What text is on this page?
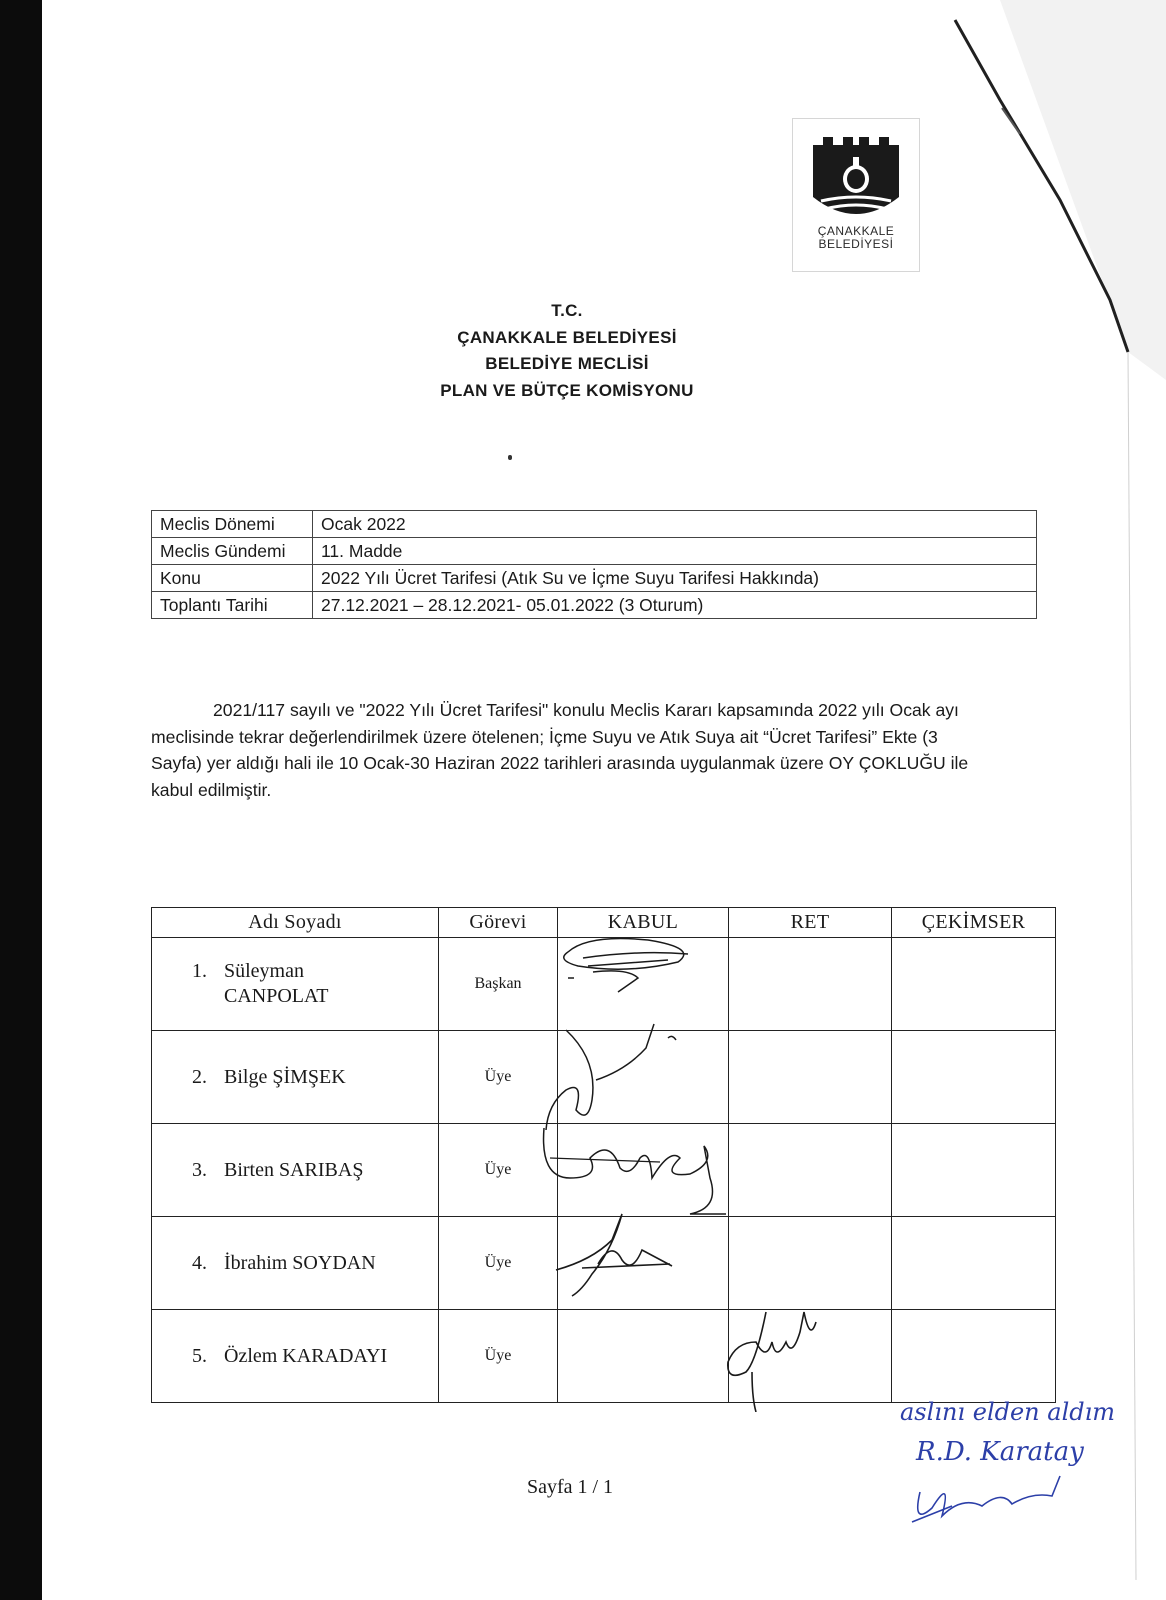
ÇANAKKALE
BELEDİYESİ
T.C.
ÇANAKKALE BELEDİYESİ
BELEDİYE MECLİSİ
PLAN VE BÜTÇE KOMİSYONU
Meclis Dönemi	Ocak 2022
Meclis Gündemi	11. Madde
Konu	2022 Yılı Ücret Tarifesi (Atık Su ve İçme Suyu Tarifesi Hakkında)
Toplantı Tarihi	27.12.2021 – 28.12.2021- 05.01.2022 (3 Oturum)
2021/117 sayılı ve "2022 Yılı Ücret Tarifesi" konulu Meclis Kararı kapsamında 2022 yılı Ocak ayı
meclisinde tekrar değerlendirilmek üzere ötelenen; İçme Suyu ve Atık Suya ait “Ücret Tarifesi” Ekte (3
Sayfa) yer aldığı hali ile 10 Ocak-30 Haziran 2022 tarihleri arasında uygulanmak üzere OY ÇOKLUĞU ile
kabul edilmiştir.
Adı Soyadı	Görevi	KABUL	RET	ÇEKİMSER
1. Süleyman
CANPOLAT	Başkan			
2. Bilge ŞİMŞEK	Üye			
3. Birten SARIBAŞ	Üye			
4. İbrahim SOYDAN	Üye			
5. Özlem KARADAYI	Üye			
Sayfa 1 / 1
aslını elden aldım
R.D. Karatay
